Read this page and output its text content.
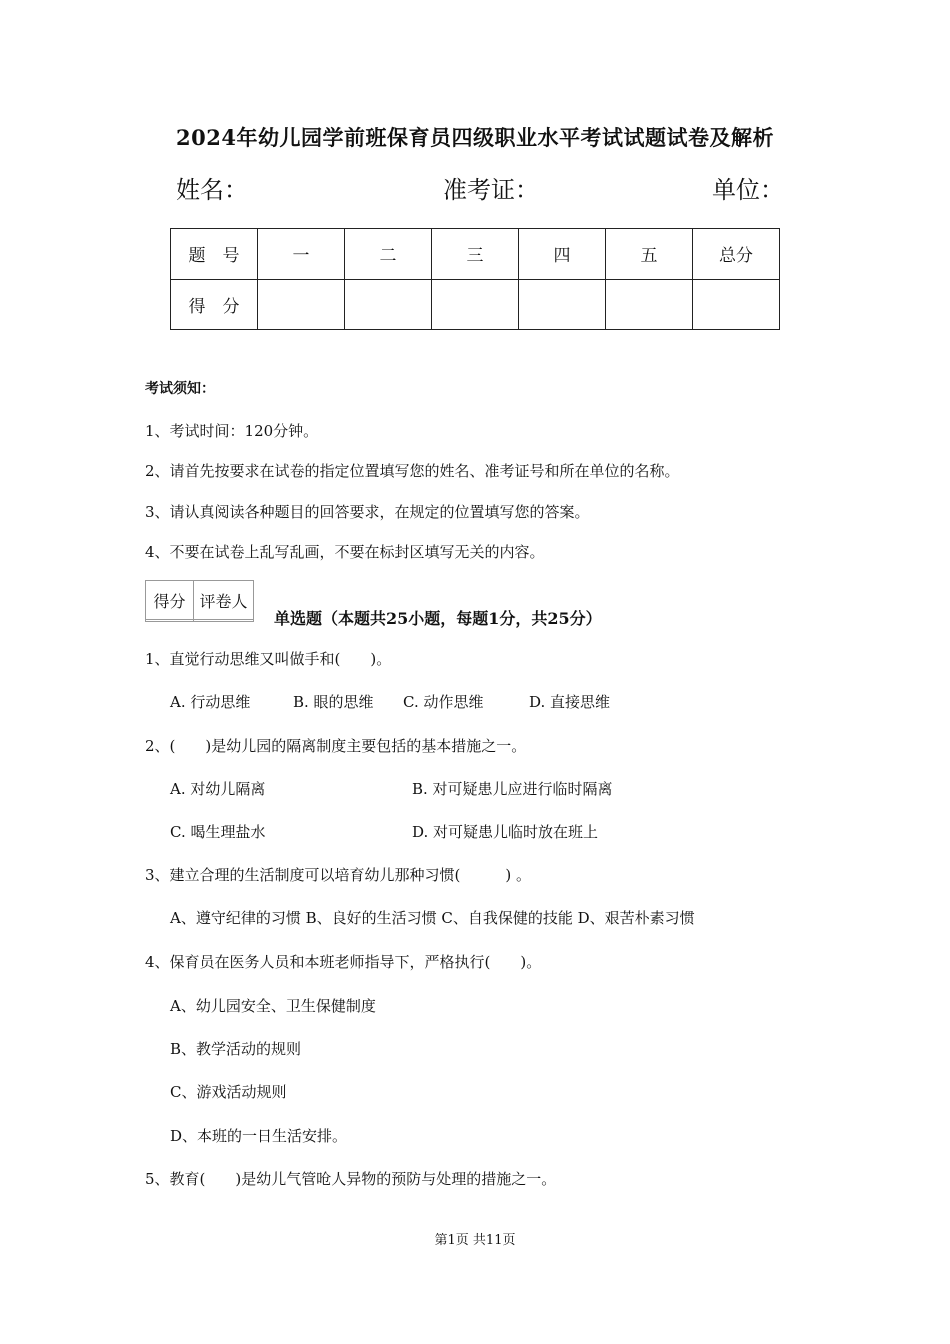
2024年幼儿园学前班保育员四级职业水平考试试题试卷及解析
姓名：	准考证：	单位：
题　号	一	二	三	四	五	总分
得　分						
考试须知：
1、考试时间：120分钟。
2、请首先按要求在试卷的指定位置填写您的姓名、准考证号和所在单位的名称。
3、请认真阅读各种题目的回答要求，在规定的位置填写您的答案。
4、不要在试卷上乱写乱画，不要在标封区填写无关的内容。
得分	评卷人

单选题（本题共25小题，每题1分，共25分）
1、直觉行动思维又叫做手和(　　)。
A. 行动思维	B. 眼的思维 C. 动作思维	D. 直接思维
2、(　　)是幼儿园的隔离制度主要包括的基本措施之一。
A. 对幼儿隔离	B. 对可疑患儿应进行临时隔离
C. 喝生理盐水	D. 对可疑患儿临时放在班上
3、建立合理的生活制度可以培育幼儿那种习惯(　　　) 。
A、遵守纪律的习惯 B、良好的生活习惯 C、自我保健的技能 D、艰苦朴素习惯
4、保育员在医务人员和本班老师指导下，严格执行(　　)。
A、幼儿园安全、卫生保健制度
B、教学活动的规则
C、游戏活动规则
D、本班的一日生活安排。
5、教育(　　)是幼儿气管呛人异物的预防与处理的措施之一。
第1页 共11页
